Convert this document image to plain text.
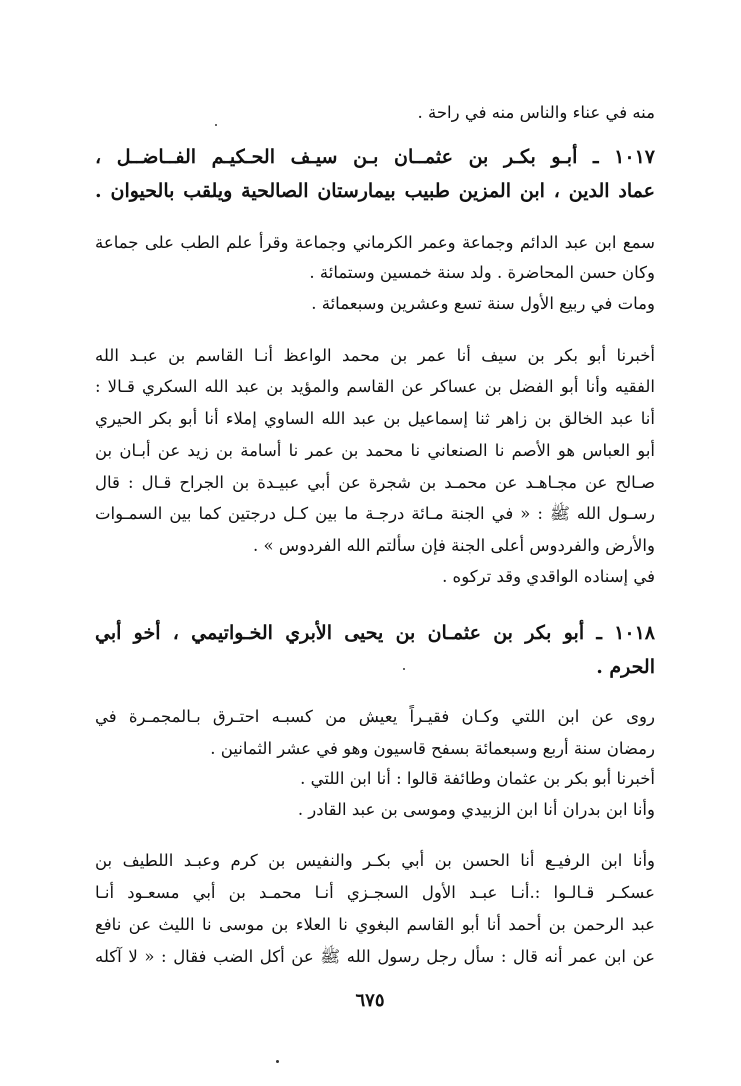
منه في عناء والناس منه في راحة .
١٠١٧ ـ أبـو بكـر بن عثمــان بـن سيـف الحـكيـم الفــاضــل ،
عماد الدين ، ابن المزين طبيب بيمارستان الصالحية ويلقب بالحيوان .
سمع ابن عبد الدائم وجماعة وعمر الكرماني وجماعة وقرأ علم الطب على جماعة
وكان حسن المحاضرة . ولد سنة خمسين وستمائة .
ومات في ربيع الأول سنة تسع وعشرين وسبعمائة .
أخبرنا أبو بكر بن سيف أنا عمر بن محمد الواعظ أنـا القاسم بن عبـد الله
الفقيه وأنا أبو الفضل بن عساكر عن القاسم والمؤيد بن عبد الله السكري قـالا :
أنا عبد الخالق بن زاهر ثنا إسماعيل بن عبد الله الساوي إملاء أنا أبو بكر الحيري
أبو العباس هو الأصم نا الصنعاني نا محمد بن عمر نا أسامة بن زيد عن أبـان بن
صـالح عن مجـاهـد عن محمـد بن شجرة عن أبي عبيـدة بن الجراح قـال : قال
رسـول الله ﷺ : « في الجنة مـائة درجـة ما بين كـل درجتين كما بين السمـوات
والأرض والفردوس أعلى الجنة فإن سألتم الله الفردوس » .
في إسناده الواقدي وقد تركوه .
١٠١٨ ـ أبو بكر بن عثمـان بن يحيى الأبري الخـواتيمي ، أخو أبي
الحرم .
روى عن ابن اللتي وكـان فقيـراً يعيش من كسبـه احتـرق بـالمجمـرة في
رمضان سنة أربع وسبعمائة بسفح قاسيون وهو في عشر الثمانين .
أخبرنا أبو بكر بن عثمان وطائفة قالوا : أنا ابن اللتي .
وأنا ابن بدران أنا ابن الزبيدي وموسى بن عبد القادر .
وأنا ابن الرفيـع أنا الحسن بن أبي بكـر والنفيس بن كرم وعبـد اللطيف بن
عسكـر قـالـوا :.أنـا عبـد الأول السجـزي أنـا محمـد بن أبي مسعـود أنـا
عبد الرحمن بن أحمد أنا أبو القاسم البغوي نا العلاء بن موسى نا الليث عن نافع
عن ابن عمر أنه قال : سأل رجل رسول الله ﷺ عن أكل الضب فقال : « لا آكله
٦٧٥
